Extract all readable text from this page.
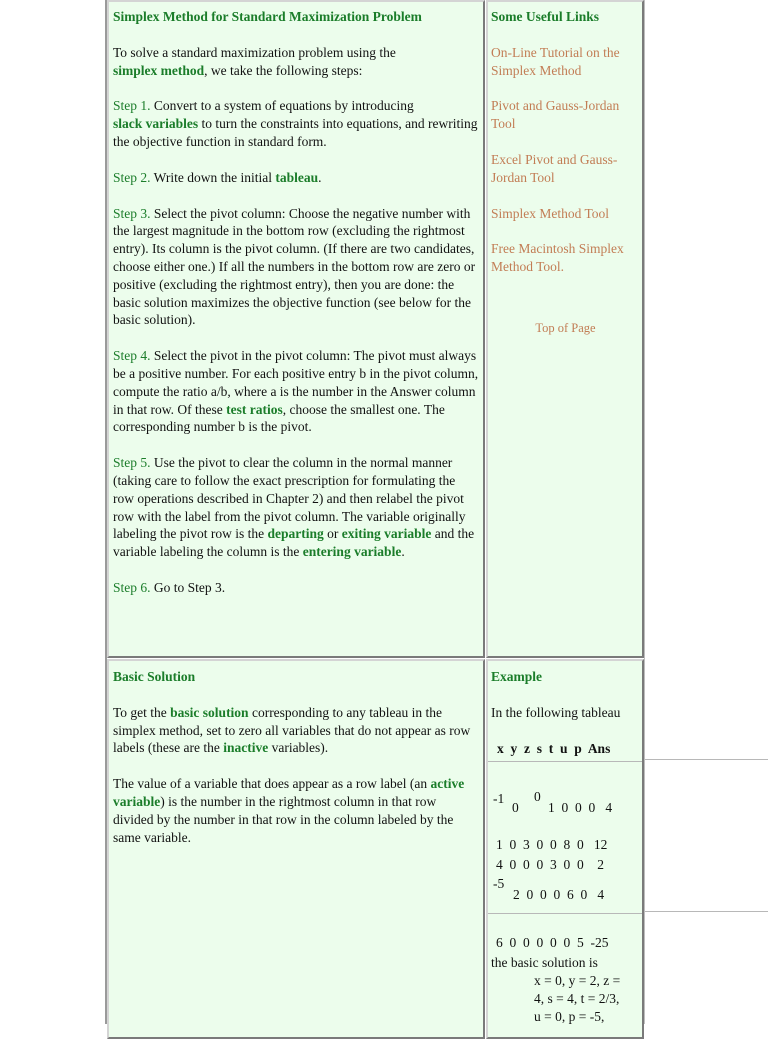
Simplex Method for Standard Maximization Problem

To solve a standard maximization problem using the
simplex method, we take the following steps:

Step 1. Convert to a system of equations by introducing
slack variables to turn the constraints into equations, and rewriting the objective function in standard form.

Step 2. Write down the initial tableau.

Step 3. Select the pivot column: Choose the negative number with the largest magnitude in the bottom row (excluding the rightmost entry). Its column is the pivot column. (If there are two candidates, choose either one.) If all the numbers in the bottom row are zero or positive (excluding the rightmost entry), then you are done: the basic solution maximizes the objective function (see below for the basic solution).

Step 4. Select the pivot in the pivot column: The pivot must always be a positive number. For each positive entry b in the pivot column, compute the ratio a/b, where a is the number in the Answer column in that row. Of these test ratios, choose the smallest one. The corresponding number b is the pivot.

Step 5. Use the pivot to clear the column in the normal manner (taking care to follow the exact prescription for formulating the row operations described in Chapter 2) and then relabel the pivot row with the label from the pivot column. The variable originally labeling the pivot row is the departing or exiting variable and the variable labeling the column is the entering variable.

Step 6. Go to Step 3.

Some Useful Links

On-Line Tutorial on the Simplex Method

Pivot and Gauss-Jordan Tool

Excel Pivot and Gauss-Jordan Tool

Simplex Method Tool

Free Macintosh Simplex Method Tool.

Top of Page

Basic Solution

To get the basic solution corresponding to any tableau in the simplex method, set to zero all variables that do not appear as row labels (these are the inactive variables).

The value of a variable that does appear as a row label (an active variable) is the number in the rightmost column in that row divided by the number in that row in the column labeled by the same variable.

Example
In the following tableau
x y z s t u p Ans
-1
0
0
1  0  0  0   4
1  0  3  0  0  8  0   12
4  0  0  0  3  0  0    2
-5
2  0  0  0  6  0   4
6  0  0  0  0  0  5  -25
the basic solution is
x = 0, y = 2, z =
4, s = 4, t = 2/3,
u = 0, p = -5,
